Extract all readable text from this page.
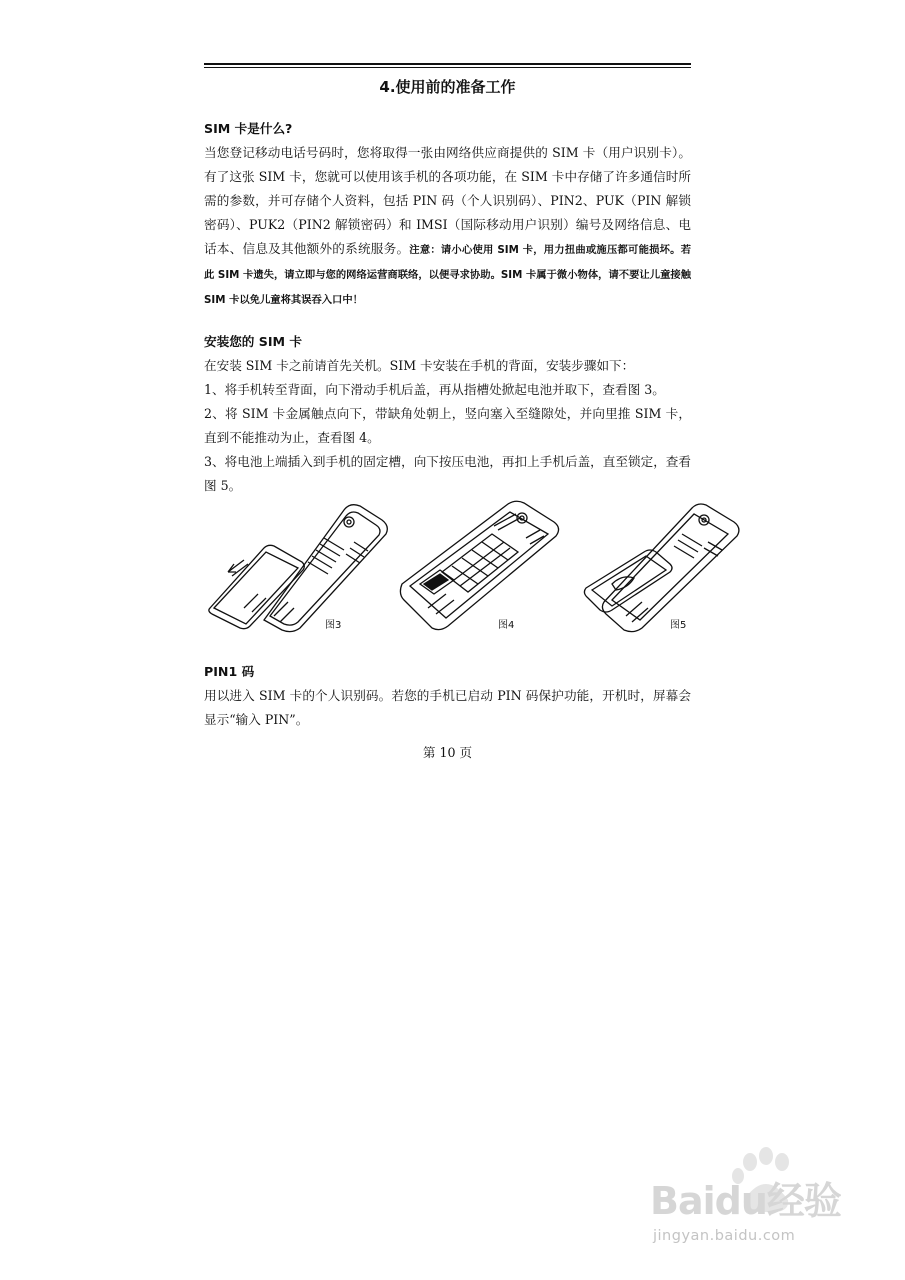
4.使用前的准备工作
SIM 卡是什么?

当您登记移动电话号码时，您将取得一张由网络供应商提供的 SIM 卡（用户识别卡）。有了这张 SIM 卡，您就可以使用该手机的各项功能，在 SIM 卡中存储了许多通信时所需的参数，并可存储个人资料，包括 PIN 码（个人识别码）、PIN2、PUK（PIN 解锁密码）、PUK2（PIN2 解锁密码）和 IMSI（国际移动用户识别）编号及网络信息、电话本、信息及其他额外的系统服务。注意：请小心使用 SIM 卡，用力扭曲或施压都可能损坏。若此 SIM 卡遗失，请立即与您的网络运营商联络，以便寻求协助。SIM 卡属于微小物体，请不要让儿童接触 SIM 卡以免儿童将其误吞入口中！

安装您的 SIM 卡

在安装 SIM 卡之前请首先关机。SIM 卡安装在手机的背面，安装步骤如下：

1、将手机转至背面，向下滑动手机后盖，再从指槽处掀起电池并取下，查看图 3。

2、将 SIM 卡金属触点向下，带缺角处朝上，竖向塞入至缝隙处，并向里推 SIM 卡，直到不能推动为止，查看图 4。

3、将电池上端插入到手机的固定槽，向下按压电池，再扣上手机后盖，直至锁定，查看图 5。

图3	图4	图5
PIN1 码

用以进入 SIM 卡的个人识别码。若您的手机已启动 PIN 码保护功能，开机时，屏幕会显示“输入 PIN”。

第 10 页
Baidu经验
jingyan.baidu.com
